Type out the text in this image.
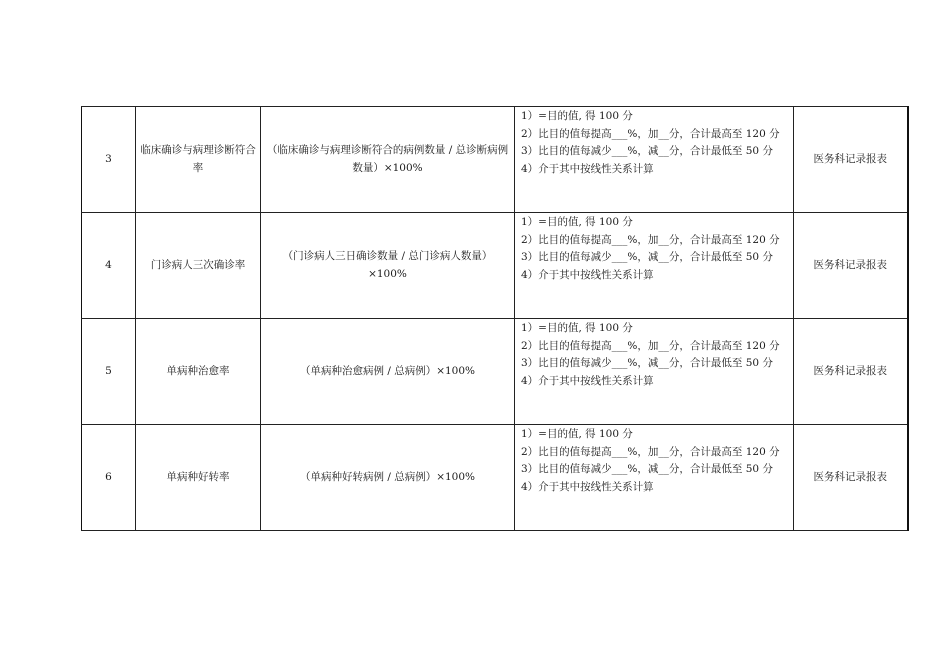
3	临床确诊与病理诊断符合率	（临床确诊与病理诊断符合的病例数量 / 总诊断病例数量）×100%	1）=目的值, 得 100 分
2）比目的值每提高___%，加__分，合计最高至 120 分
3）比目的值每减少___%，减__分，合计最低至 50 分
4）介于其中按线性关系计算	医务科记录报表
4	门诊病人三次确诊率	（门诊病人三日确诊数量 / 总门诊病人数量）×100%	1）=目的值, 得 100 分
2）比目的值每提高___%，加__分，合计最高至 120 分
3）比目的值每减少___%，减__分，合计最低至 50 分
4）介于其中按线性关系计算	医务科记录报表
5	单病种治愈率	（单病种治愈病例 / 总病例）×100%	1）=目的值, 得 100 分
2）比目的值每提高___%，加__分，合计最高至 120 分
3）比目的值每减少___%，减__分，合计最低至 50 分
4）介于其中按线性关系计算	医务科记录报表
6	单病种好转率	（单病种好转病例 / 总病例）×100%	1）=目的值, 得 100 分
2）比目的值每提高___%，加__分，合计最高至 120 分
3）比目的值每减少___%，减__分，合计最低至 50 分
4）介于其中按线性关系计算	医务科记录报表
